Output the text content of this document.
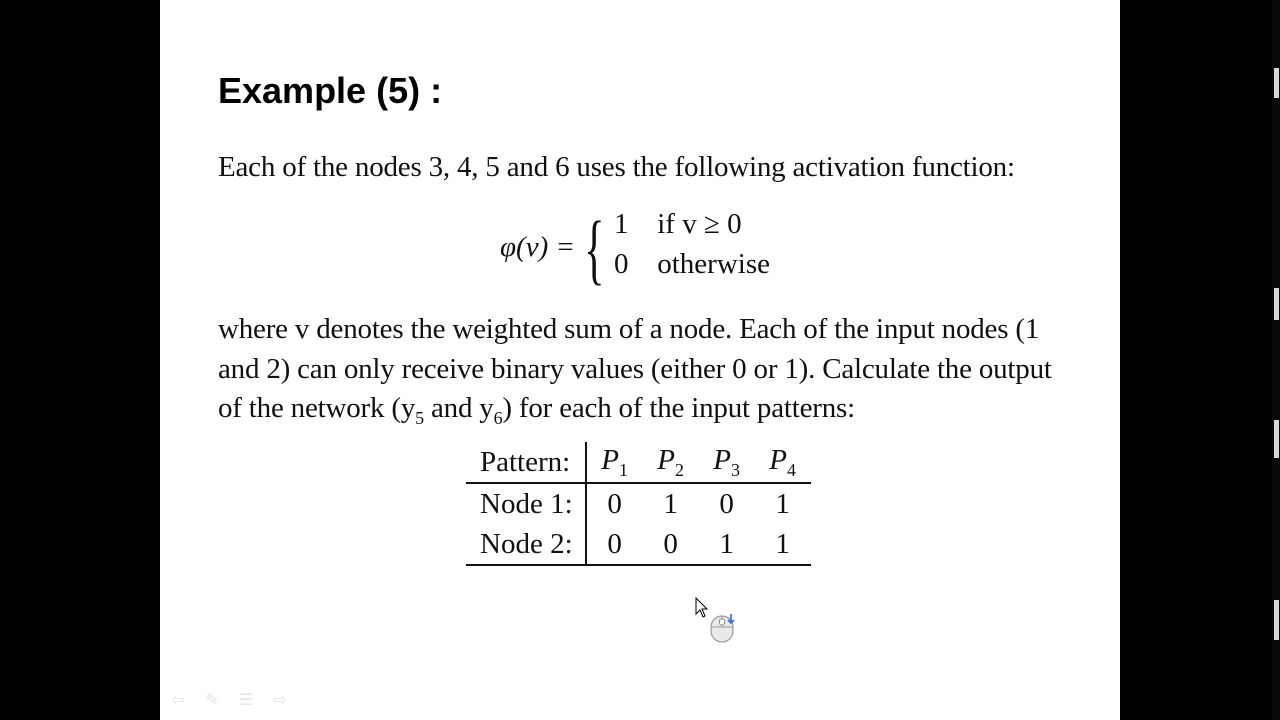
Example (5) :
Each of the nodes 3, 4, 5 and 6 uses the following activation function:
φ(v) = { 1 if v ≥ 0
0 otherwise
where v denotes the weighted sum of a node. Each of the input nodes (1
and 2) can only receive binary values (either 0 or 1). Calculate the output
of the network ($y_5$ and $y_6$) for each of the input patterns:
Pattern:	$P_1$	$P_2$	$P_3$	$P_4$
Node 1:	0	1	0	1
Node 2:	0	0	1	1
⇦ ✎ ☰ ⇨
